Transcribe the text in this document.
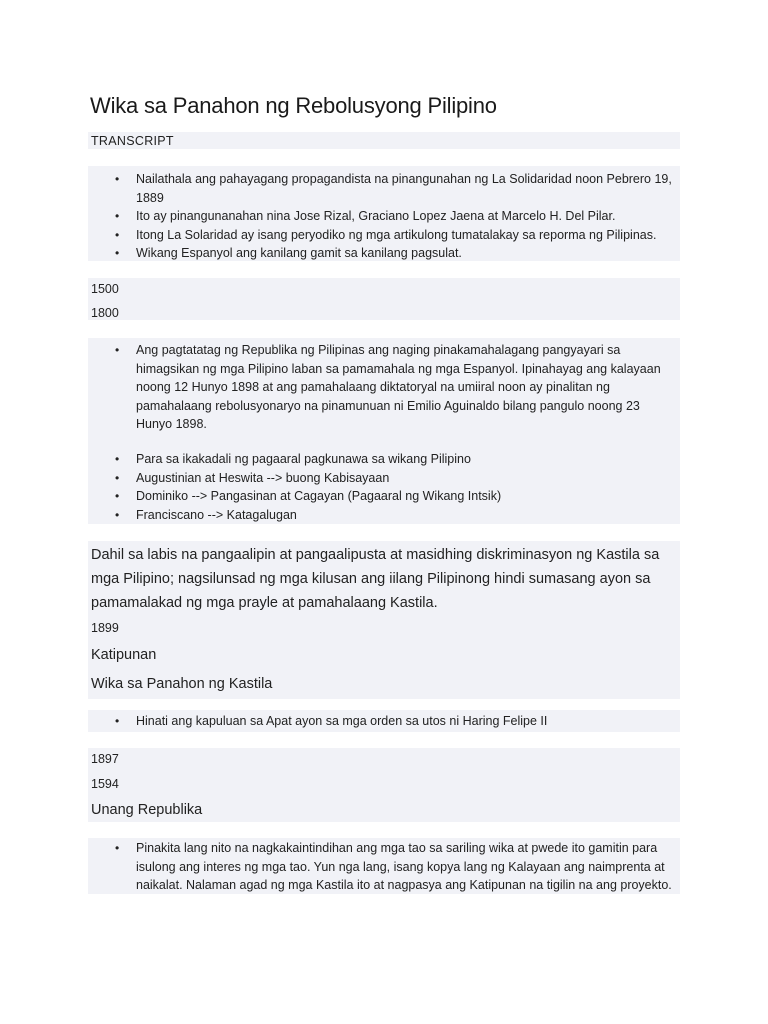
Wika sa Panahon ng Rebolusyong Pilipino
TRANSCRIPT
• Nailathala ang pahayagang propagandista na pinangunahan ng La Solidaridad noon Pebrero 19, 1889
• Ito ay pinangunanahan nina Jose Rizal, Graciano Lopez Jaena at Marcelo H. Del Pilar.
• Itong La Solaridad ay isang peryodiko ng mga artikulong tumatalakay sa reporma ng Pilipinas.
• Wikang Espanyol ang kanilang gamit sa kanilang pagsulat.
1500
1800
• Ang pagtatatag ng Republika ng Pilipinas ang naging pinakamahalagang pangyayari sa himagsikan ng mga Pilipino laban sa pamamahala ng mga Espanyol. Ipinahayag ang kalayaan noong 12 Hunyo 1898 at ang pamahalaang diktatoryal na umiiral noon ay pinalitan ng pamahalaang rebolusyonaryo na pinamunuan ni Emilio Aguinaldo bilang pangulo noong 23 Hunyo 1898.
• Para sa ikakadali ng pagaaral pagkunawa sa wikang Pilipino
• Augustinian at Heswita --> buong Kabisayaan
• Dominiko --> Pangasinan at Cagayan (Pagaaral ng Wikang Intsik)
• Franciscano --> Katagalugan
Dahil sa labis na pangaalipin at pangaalipusta at masidhing diskriminasyon ng Kastila sa mga Pilipino; nagsilunsad ng mga kilusan ang iilang Pilipinong hindi sumasang ayon sa pamamalakad ng mga prayle at pamahalaang Kastila.
1899
Katipunan
Wika sa Panahon ng Kastila
• Hinati ang kapuluan sa Apat ayon sa mga orden sa utos ni Haring Felipe II
1897
1594
Unang Republika
• Pinakita lang nito na nagkakaintindihan ang mga tao sa sariling wika at pwede ito gamitin para isulong ang interes ng mga tao. Yun nga lang, isang kopya lang ng Kalayaan ang naimprenta at naikalat. Nalaman agad ng mga Kastila ito at nagpasya ang Katipunan na tigilin na ang proyekto.
